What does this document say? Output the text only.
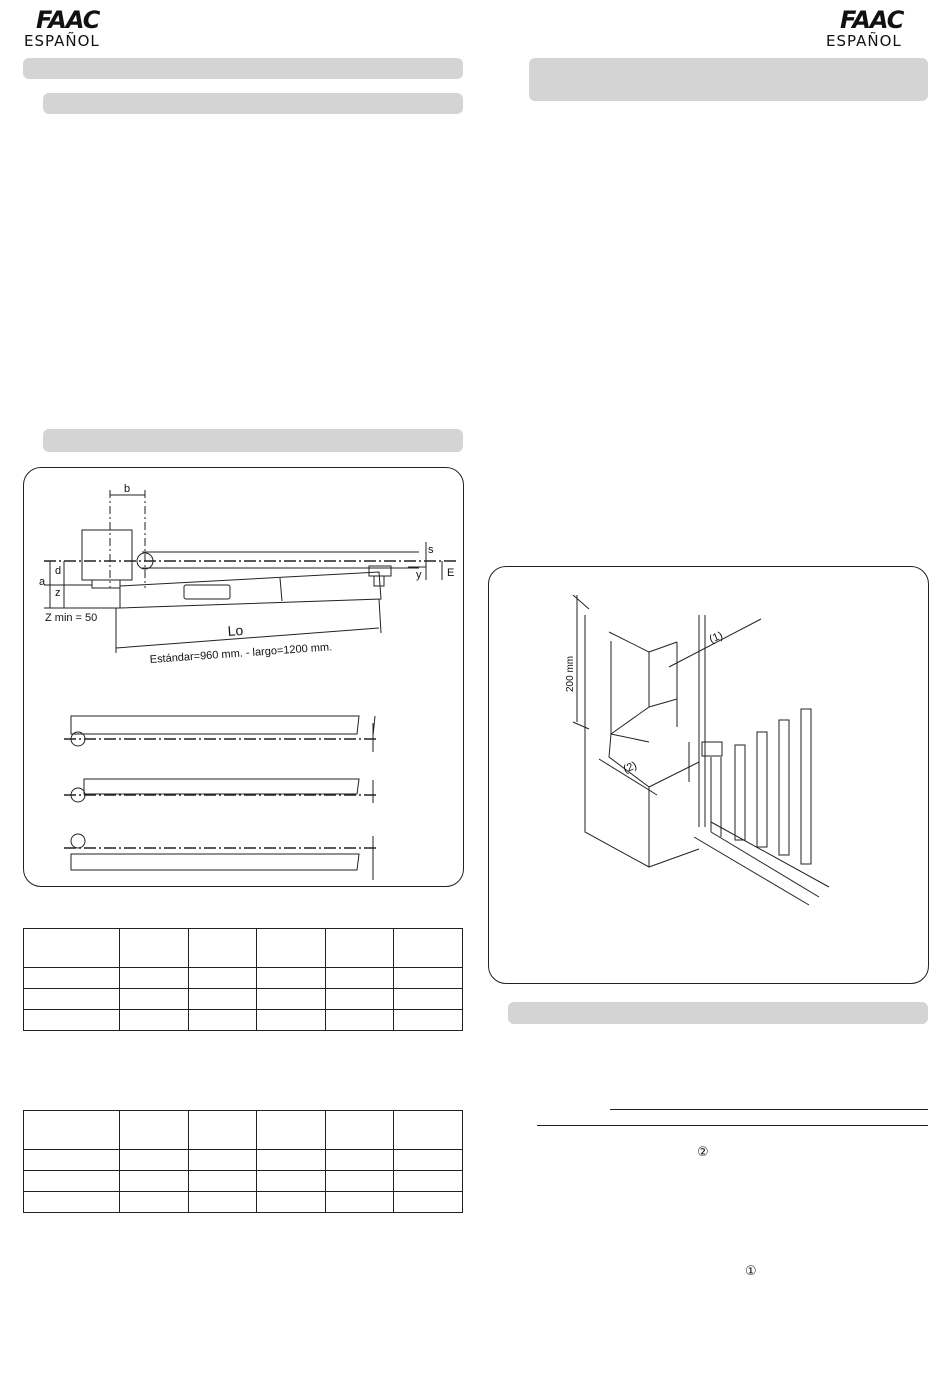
FAAC
ESPAÑOL
FAAC
ESPAÑOL
b
a
d
z
s
y E
Z min = 50
Lo
Estándar=960 mm. - largo=1200 mm.
200 mm
(1)
(2)

②
①
